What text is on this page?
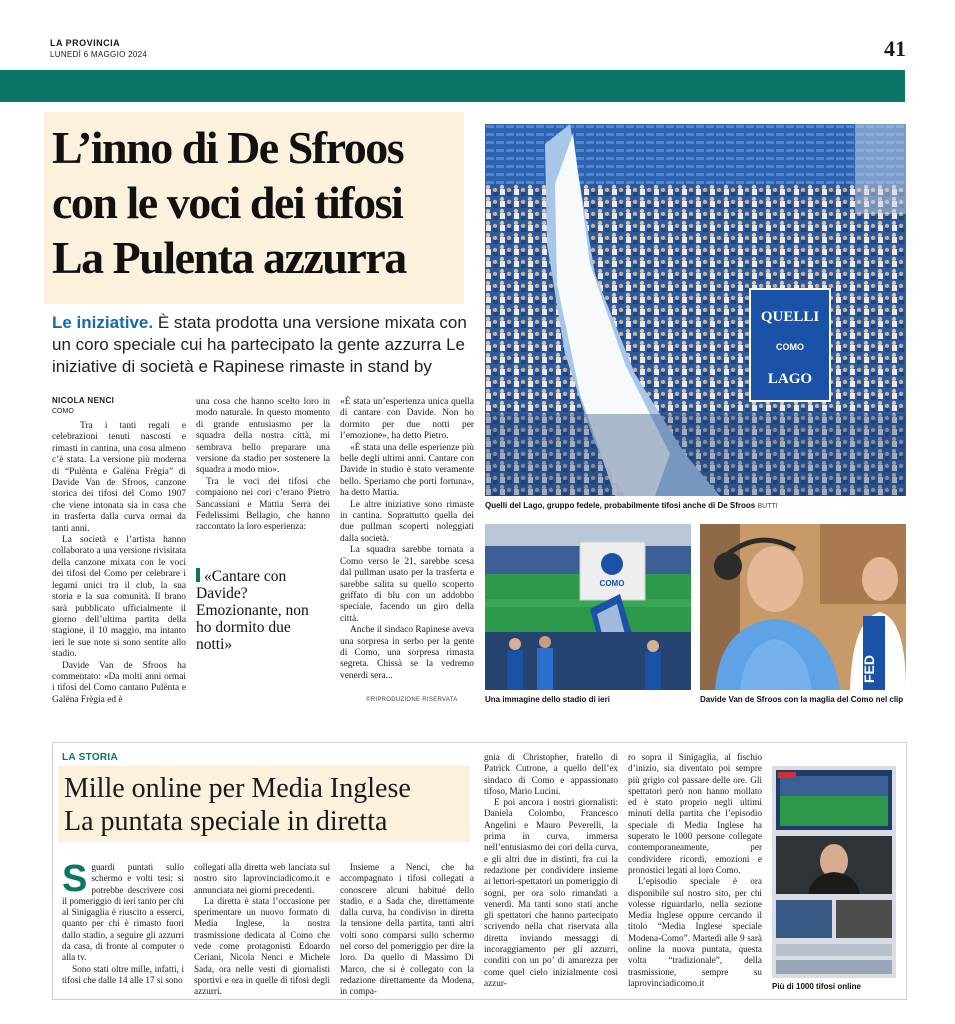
LA PROVINCIA
LUNEDÌ 6 MAGGIO 2024	41
L’inno di De Sfroos
con le voci dei tifosi
La Pulenta azzurra
Le iniziative. È stata prodotta una versione mixata con un coro speciale cui ha partecipato la gente azzurra Le iniziative di società e Rapinese rimaste in stand by
NICOLA NENCI
COMO

Tra i tanti regali e celebrazioni tenuti nascosti e rimasti in cantina, una cosa almeno c’è stata. La versione più moderna di “Pulënta e Galëna Frègia” di Davide Van de Sfroos, canzone storica dei tifosi del Como 1907 che viene intonata sia in casa che in trasferta dalla curva ormai da tanti anni.

La società e l’artista hanno collaborato a una versione rivisitata della canzone mixata con le voci dei tifosi del Como per celebrare i legami unici tra il club, la sua storia e la sua comunità. Il brano sarà pubblicato ufficialmente il giorno dell’ultima partita della stagione, il 10 maggio, ma intanto ieri le sue note si sono sentite allo stadio.

Davide Van de Sfroos ha commentato: «Da molti anni ormai i tifosi del Como cantano Pulënta e Galëna Frègia ed è

una cosa che hanno scelto loro in modo naturale. In questo momento di grande entusiasmo per la squadra della nostra città, mi sembrava bello preparare una versione da stadio per sostenere la squadra a modo mio».

Tra le voci dei tifosi che compaiono nei cori c’erano Pietro Sancassiani e Mattia Serra dei Fedelissimi Bellagio, che hanno raccontato la loro esperienza:

«Cantare con Davide? Emozionante, non ho dormito due notti»

«È stata un’esperienza unica quella di cantare con Davide. Non ho dormito per due notti per l’emozione», ha detto Pietro.

«È stata una delle esperienze più belle degli ultimi anni. Cantare con Davide in studio è stato veramente bello. Speriamo che porti fortuna», ha detto Mattia.

Le altre iniziative sono rimaste in cantina. Soprattutto quella dei due pullman scoperti noleggiati dalla società.

La squadra sarebbe tornata a Como verso le 21, sarebbe scesa dal pullman usato per la trasferta e sarebbe salita su quello scoperto griffato di blu con un addobbo speciale, facendo un giro della città.

Anche il sindaco Rapinese aveva una sorpresa in serbo per la gente di Como, una sorpresa rimasta segreta. Chissà se la vedremo venerdì sera...

©RIPRODUZIONE RISERVATA
QUELLI
COMO
LAGO
Quelli del Lago, gruppo fedele, probabilmente tifosi anche di De Sfroos BUTTI
COMO
Una immagine dello stadio di ieri
FED
Davide Van de Sfroos con la maglia del Como nel clip
LA STORIA
Mille online per Media Inglese
La puntata speciale in diretta
S guardi puntati sullo schermo e volti tesi: si potrebbe descrivere così il pomeriggio di ieri tanto per chi al Sinigaglia è riuscito a esserci, quanto per chi è rimasto fuori dallo stadio, a seguire gli azzurri da casa, di fronte al computer o alla tv.

Sono stati oltre mille, infatti, i tifosi che dalle 14 alle 17 si sono

collegati alla diretta web lanciata sul nostro sito laprovinciadicomo.it e annunciata nei giorni precedenti.

La diretta è stata l’occasione per sperimentare un nuovo formato di Media Inglese, la nostra trasmissione dedicata al Como che vede come protagonisti Edoardo Ceriani, Nicola Nenci e Michele Sada, ora nelle vesti di giornalisti sportivi e ora in quelle di tifosi degli azzurri.

Insieme a Nenci, che ha accompagnato i tifosi collegati a conoscere alcuni habitué dello stadio, e a Sada che, direttamente dalla curva, ha condiviso in diretta la tensione della partita, tanti altri volti sono comparsi sullo schermo nel corso del pomeriggio per dire la loro. Da quello di Massimo Di Marco, che si è collegato con la redazione direttamente da Modena, in compa-

gnia di Christopher, fratello di Patrick Cutrone, a quello dell’ex sindaco di Como e appassionato tifoso, Mario Lucini.

E poi ancora i nostri giornalisti: Daniela Colombo, Francesco Angelini e Mauro Peverelli, la prima in curva, immersa nell’entusiasmo dei cori della curva, e gli altri due in distinti, fra cui la redazione per condividere insieme ai lettori-spettatori un pomeriggio di sogni, per ora solo rimandati a venerdì. Ma tanti sono stati anche gli spettatori che hanno partecipato scrivendo nella chat riservata alla diretta inviando messaggi di incoraggiamento per gli azzurri, conditi con un po’ di amarezza per come quel cielo inizialmente così azzur-

ro sopra il Sinigaglia, al fischio d’inizio, sia diventato poi sempre più grigio col passare delle ore. Gli spettatori però non hanno mollato ed è stato proprio negli ultimi minuti della partita che l’episodio speciale di Media Inglese ha superato le 1000 persone collegate contemporaneamente, per condividere ricordi, emozioni e pronostici legati al loro Como.

L’episodio speciale è ora disponibile sul nostro sito, per chi volesse riguardarlo, nella sezione Media Inglese oppure cercando il titolo “Media Inglese speciale Modena-Como”. Martedì alle 9 sarà online la nuova puntata, questa volta “tradizionale”, della trasmissione, sempre su laprovinciadicomo.it	Più di 1000 tifosi online
